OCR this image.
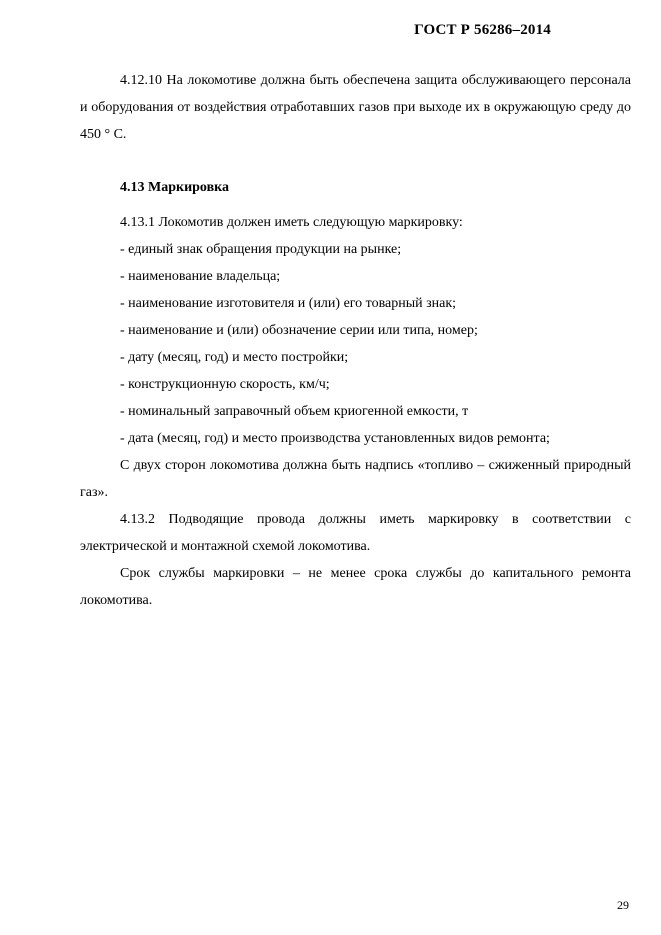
ГОСТ Р 56286–2014

4.12.10 На локомотиве должна быть обеспечена защита обслуживающего персонала и оборудования от воздействия отработавших газов при выходе их в окружающую среду до 450 ° С.

4.13 Маркировка

4.13.1 Локомотив должен иметь следующую маркировку:

- единый знак обращения продукции на рынке;

- наименование владельца;

- наименование изготовителя и (или) его товарный знак;

- наименование и (или) обозначение серии или типа, номер;

- дату (месяц, год) и место постройки;

- конструкционную скорость, км/ч;

- номинальный заправочный объем криогенной емкости, т

- дата (месяц, год) и место производства установленных видов ремонта;

С двух сторон локомотива должна быть надпись «топливо – сжиженный природный газ».

4.13.2 Подводящие провода должны иметь маркировку в соответствии с электрической и монтажной схемой локомотива.

Срок службы маркировки – не менее срока службы до капитального ремонта локомотива.

29
